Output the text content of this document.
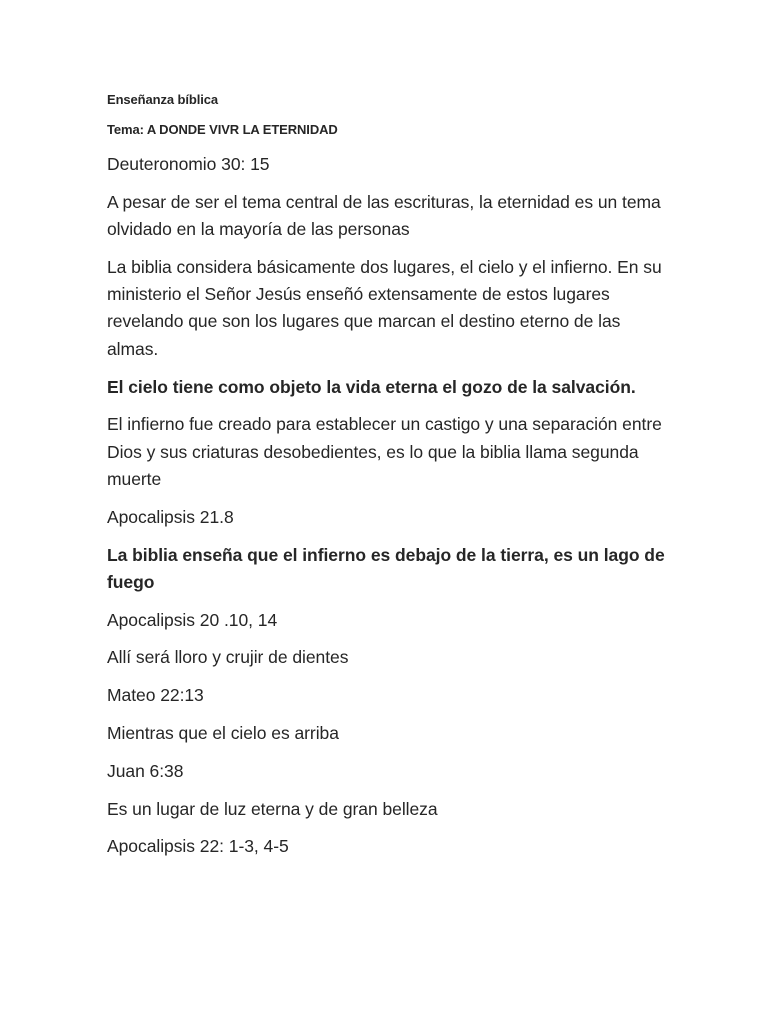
Enseñanza bíblica
Tema: A DONDE VIVR LA ETERNIDAD

Deuteronomio 30: 15

A pesar de ser el tema central de las escrituras, la eternidad es un tema olvidado en la mayoría de las personas

La biblia considera básicamente dos lugares, el cielo y el infierno. En su ministerio el Señor Jesús enseñó extensamente de estos lugares revelando que son los lugares que marcan el destino eterno de las almas.

El cielo tiene como objeto la vida eterna el gozo de la salvación.

El infierno fue creado para establecer un castigo y una separación entre Dios y sus criaturas desobedientes, es lo que la biblia llama segunda muerte

Apocalipsis 21.8

La biblia enseña que el infierno es debajo de la tierra, es un lago de fuego

Apocalipsis 20 .10, 14

Allí será lloro y crujir de dientes

Mateo 22:13

Mientras que el cielo es arriba

Juan 6:38

Es un lugar de luz eterna y de gran belleza

Apocalipsis 22: 1-3, 4-5
